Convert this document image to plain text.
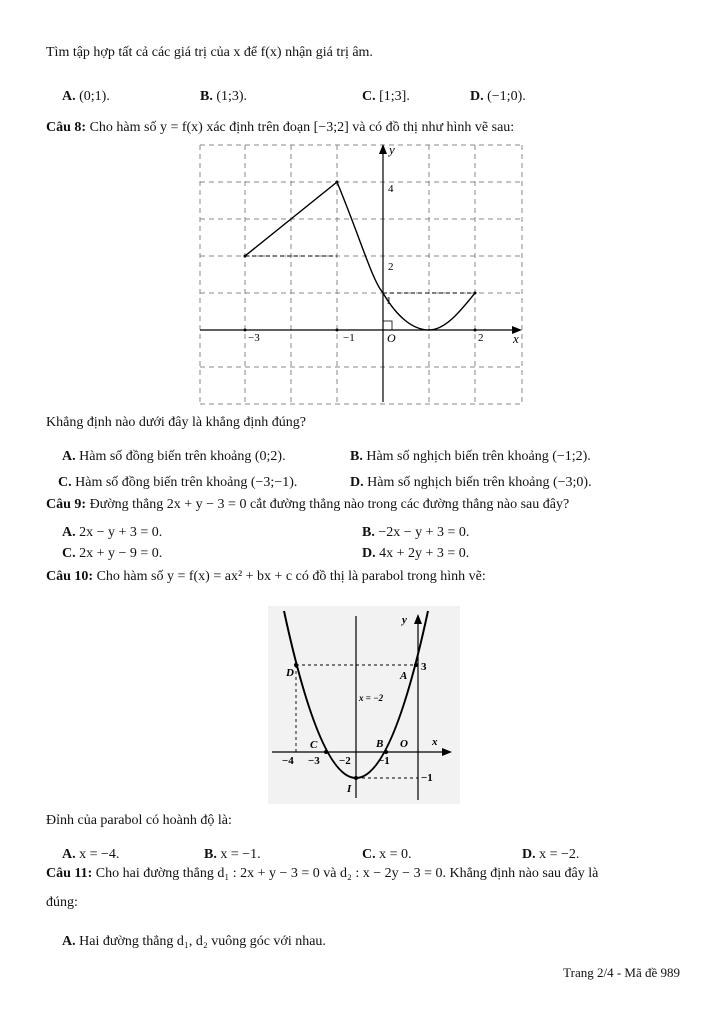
Tìm tập hợp tất cả các giá trị của x để f(x) nhận giá trị âm.
A. (0;1).	B. (1;3).	C. [1;3].	D. (−1;0).
Câu 8: Cho hàm số y = f(x) xác định trên đoạn [−3;2] và có đồ thị như hình vẽ sau:
y
x
O
−3	−1	2
4
2
1
Khẳng định nào dưới đây là khẳng định đúng?
A. Hàm số đồng biến trên khoảng (0;2).	B. Hàm số nghịch biến trên khoảng (−1;2).
C. Hàm số đồng biến trên khoảng (−3;−1).	D. Hàm số nghịch biến trên khoảng (−3;0).
Câu 9: Đường thẳng 2x + y − 3 = 0 cắt đường thẳng nào trong các đường thẳng nào sau đây?
A. 2x − y + 3 = 0.	B. −2x − y + 3 = 0.
C. 2x + y − 9 = 0.	D. 4x + 2y + 3 = 0.
Câu 10: Cho hàm số y = f(x) = ax² + bx + c có đồ thị là parabol trong hình vẽ:
y
x
D	A
3
x = −2
C	B O
−4 −3 −2 −1
−1
I
Đỉnh của parabol có hoành độ là:
A. x = −4.	B. x = −1.	C. x = 0.	D. x = −2.
Câu 11: Cho hai đường thẳng d₁ : 2x + y − 3 = 0 và d₂ : x − 2y − 3 = 0. Khẳng định nào sau đây là
đúng:
A. Hai đường thẳng d₁, d₂ vuông góc với nhau.
Trang 2/4 - Mã đề 989
